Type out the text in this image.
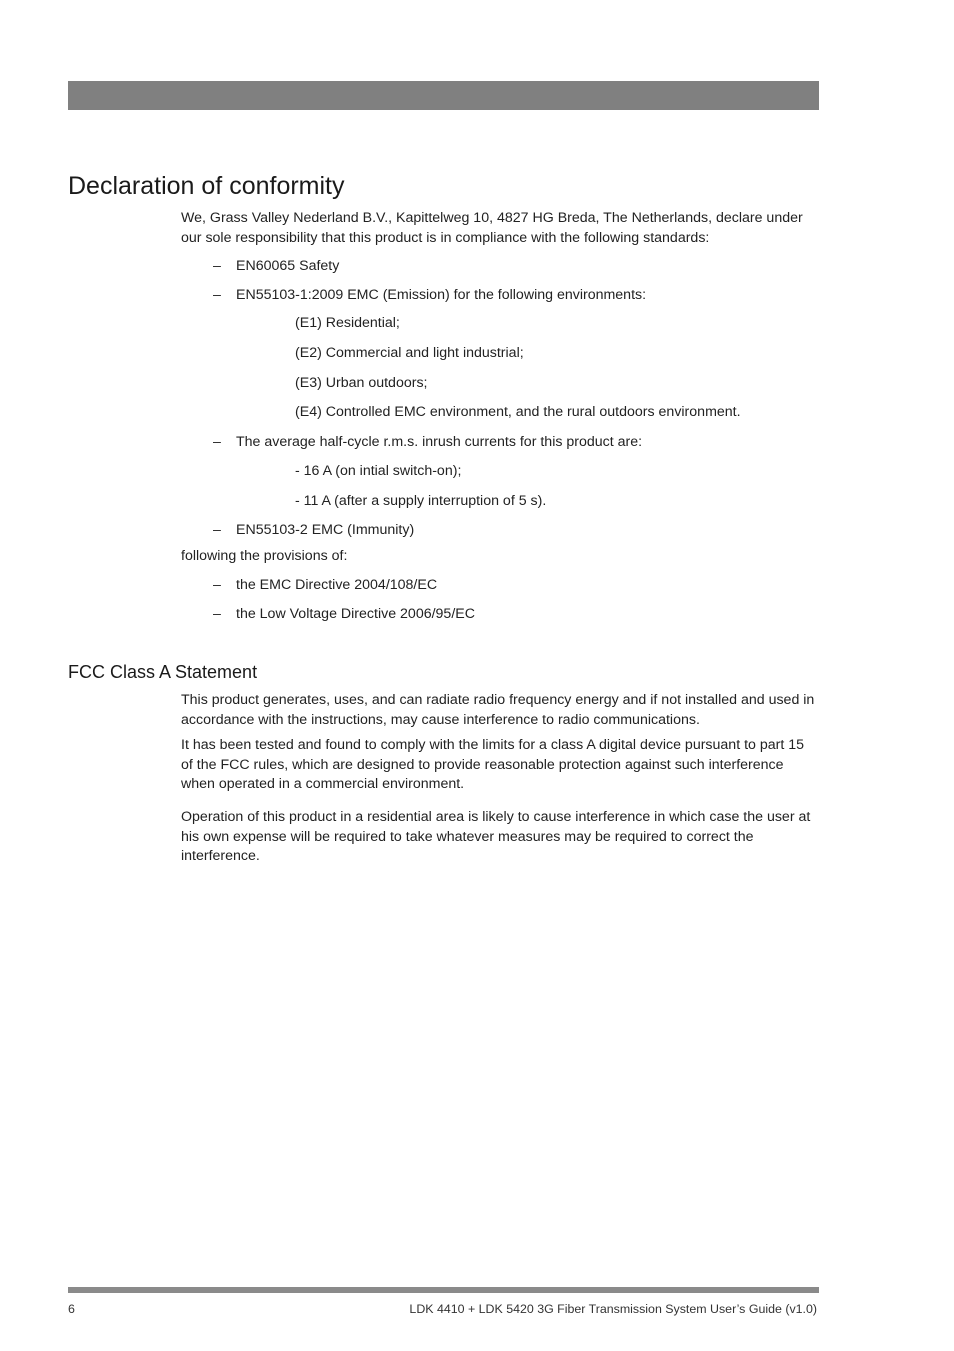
Declaration of conformity

We, Grass Valley Nederland B.V., Kapittelweg 10, 4827 HG Breda, The Netherlands, declare under our sole responsibility that this product is in compliance with the following standards:

– EN60065 Safety

– EN55103-1:2009 EMC (Emission) for the following environments:

(E1) Residential;

(E2) Commercial and light industrial;

(E3) Urban outdoors;

(E4) Controlled EMC environment, and the rural outdoors environment.

– The average half-cycle r.m.s. inrush currents for this product are:

- 16 A (on intial switch-on);

- 11 A (after a supply interruption of 5 s).

– EN55103-2 EMC (Immunity)

following the provisions of:

– the EMC Directive 2004/108/EC

– the Low Voltage Directive 2006/95/EC

FCC Class A Statement

This product generates, uses, and can radiate radio frequency energy and if not installed and used in accordance with the instructions, may cause interference to radio communications.

It has been tested and found to comply with the limits for a class A digital device pursuant to part 15 of the FCC rules, which are designed to provide reasonable protection against such interference when operated in a commercial environment.

Operation of this product in a residential area is likely to cause interference in which case the user at his own expense will be required to take whatever measures may be required to correct the interference.

6	LDK 4410 + LDK 5420 3G Fiber Transmission System User’s Guide (v1.0)
